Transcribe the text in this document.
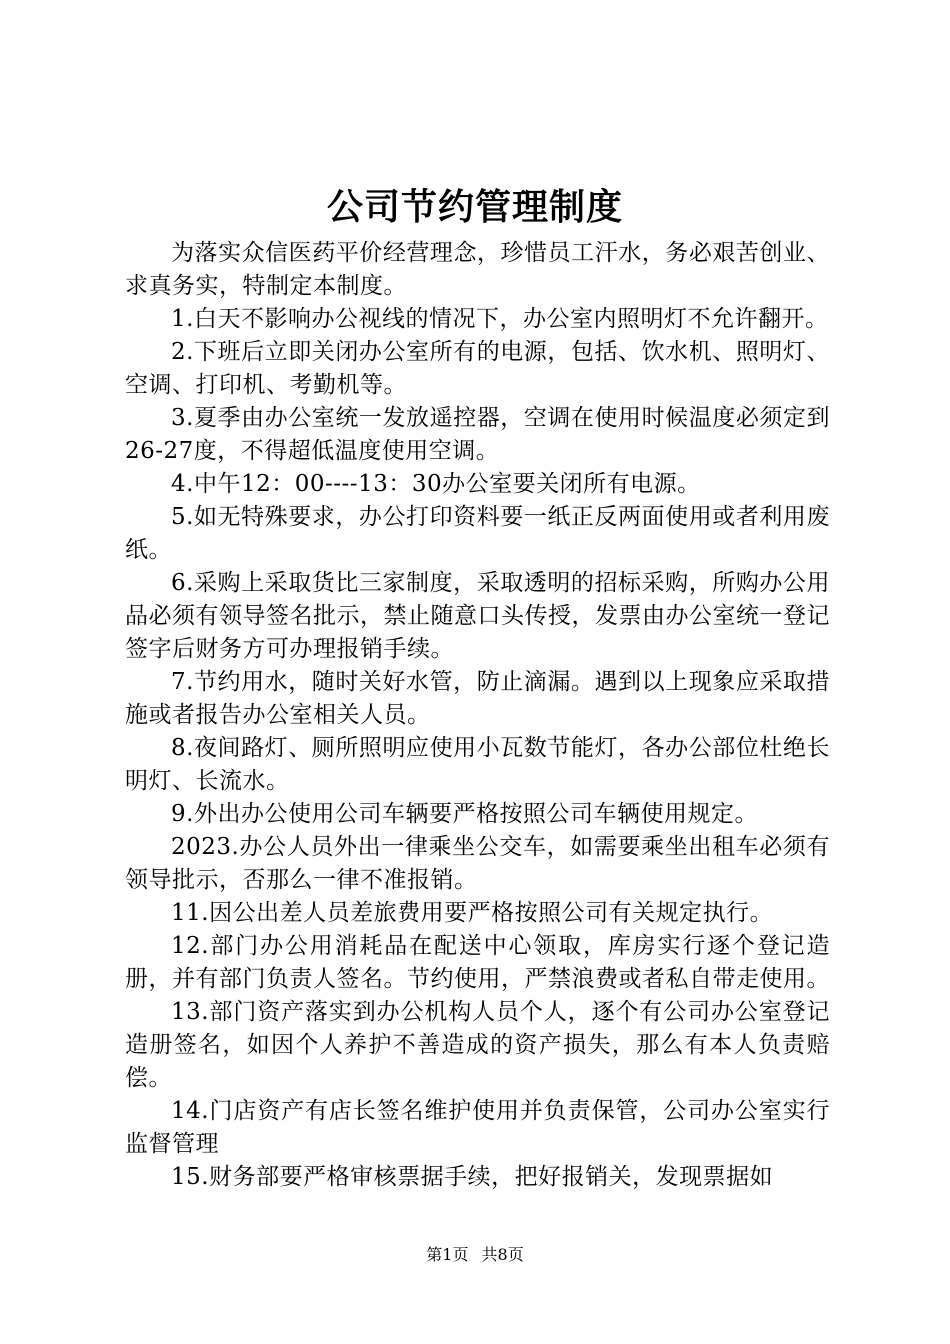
公司节约管理制度

为落实众信医药平价经营理念，珍惜员工汗水，务必艰苦创业、求真务实，特制定本制度。

1.白天不影响办公视线的情况下，办公室内照明灯不允许翻开。

2.下班后立即关闭办公室所有的电源，包括、饮水机、照明灯、空调、打印机、考勤机等。

3.夏季由办公室统一发放遥控器，空调在使用时候温度必须定到26-27度，不得超低温度使用空调。

4.中午12：00----13：30办公室要关闭所有电源。

5.如无特殊要求，办公打印资料要一纸正反两面使用或者利用废纸。

6.采购上采取货比三家制度，采取透明的招标采购，所购办公用品必须有领导签名批示，禁止随意口头传授，发票由办公室统一登记签字后财务方可办理报销手续。

7.节约用水，随时关好水管，防止滴漏。遇到以上现象应采取措施或者报告办公室相关人员。

8.夜间路灯、厕所照明应使用小瓦数节能灯，各办公部位杜绝长明灯、长流水。

9.外出办公使用公司车辆要严格按照公司车辆使用规定。

2023.办公人员外出一律乘坐公交车，如需要乘坐出租车必须有领导批示，否那么一律不准报销。

11.因公出差人员差旅费用要严格按照公司有关规定执行。

12.部门办公用消耗品在配送中心领取，库房实行逐个登记造册，并有部门负责人签名。节约使用，严禁浪费或者私自带走使用。

13.部门资产落实到办公机构人员个人，逐个有公司办公室登记造册签名，如因个人养护不善造成的资产损失，那么有本人负责赔偿。

14.门店资产有店长签名维护使用并负责保管，公司办公室实行监督管理

15.财务部要严格审核票据手续，把好报销关，发现票据如

第1页 共8页
